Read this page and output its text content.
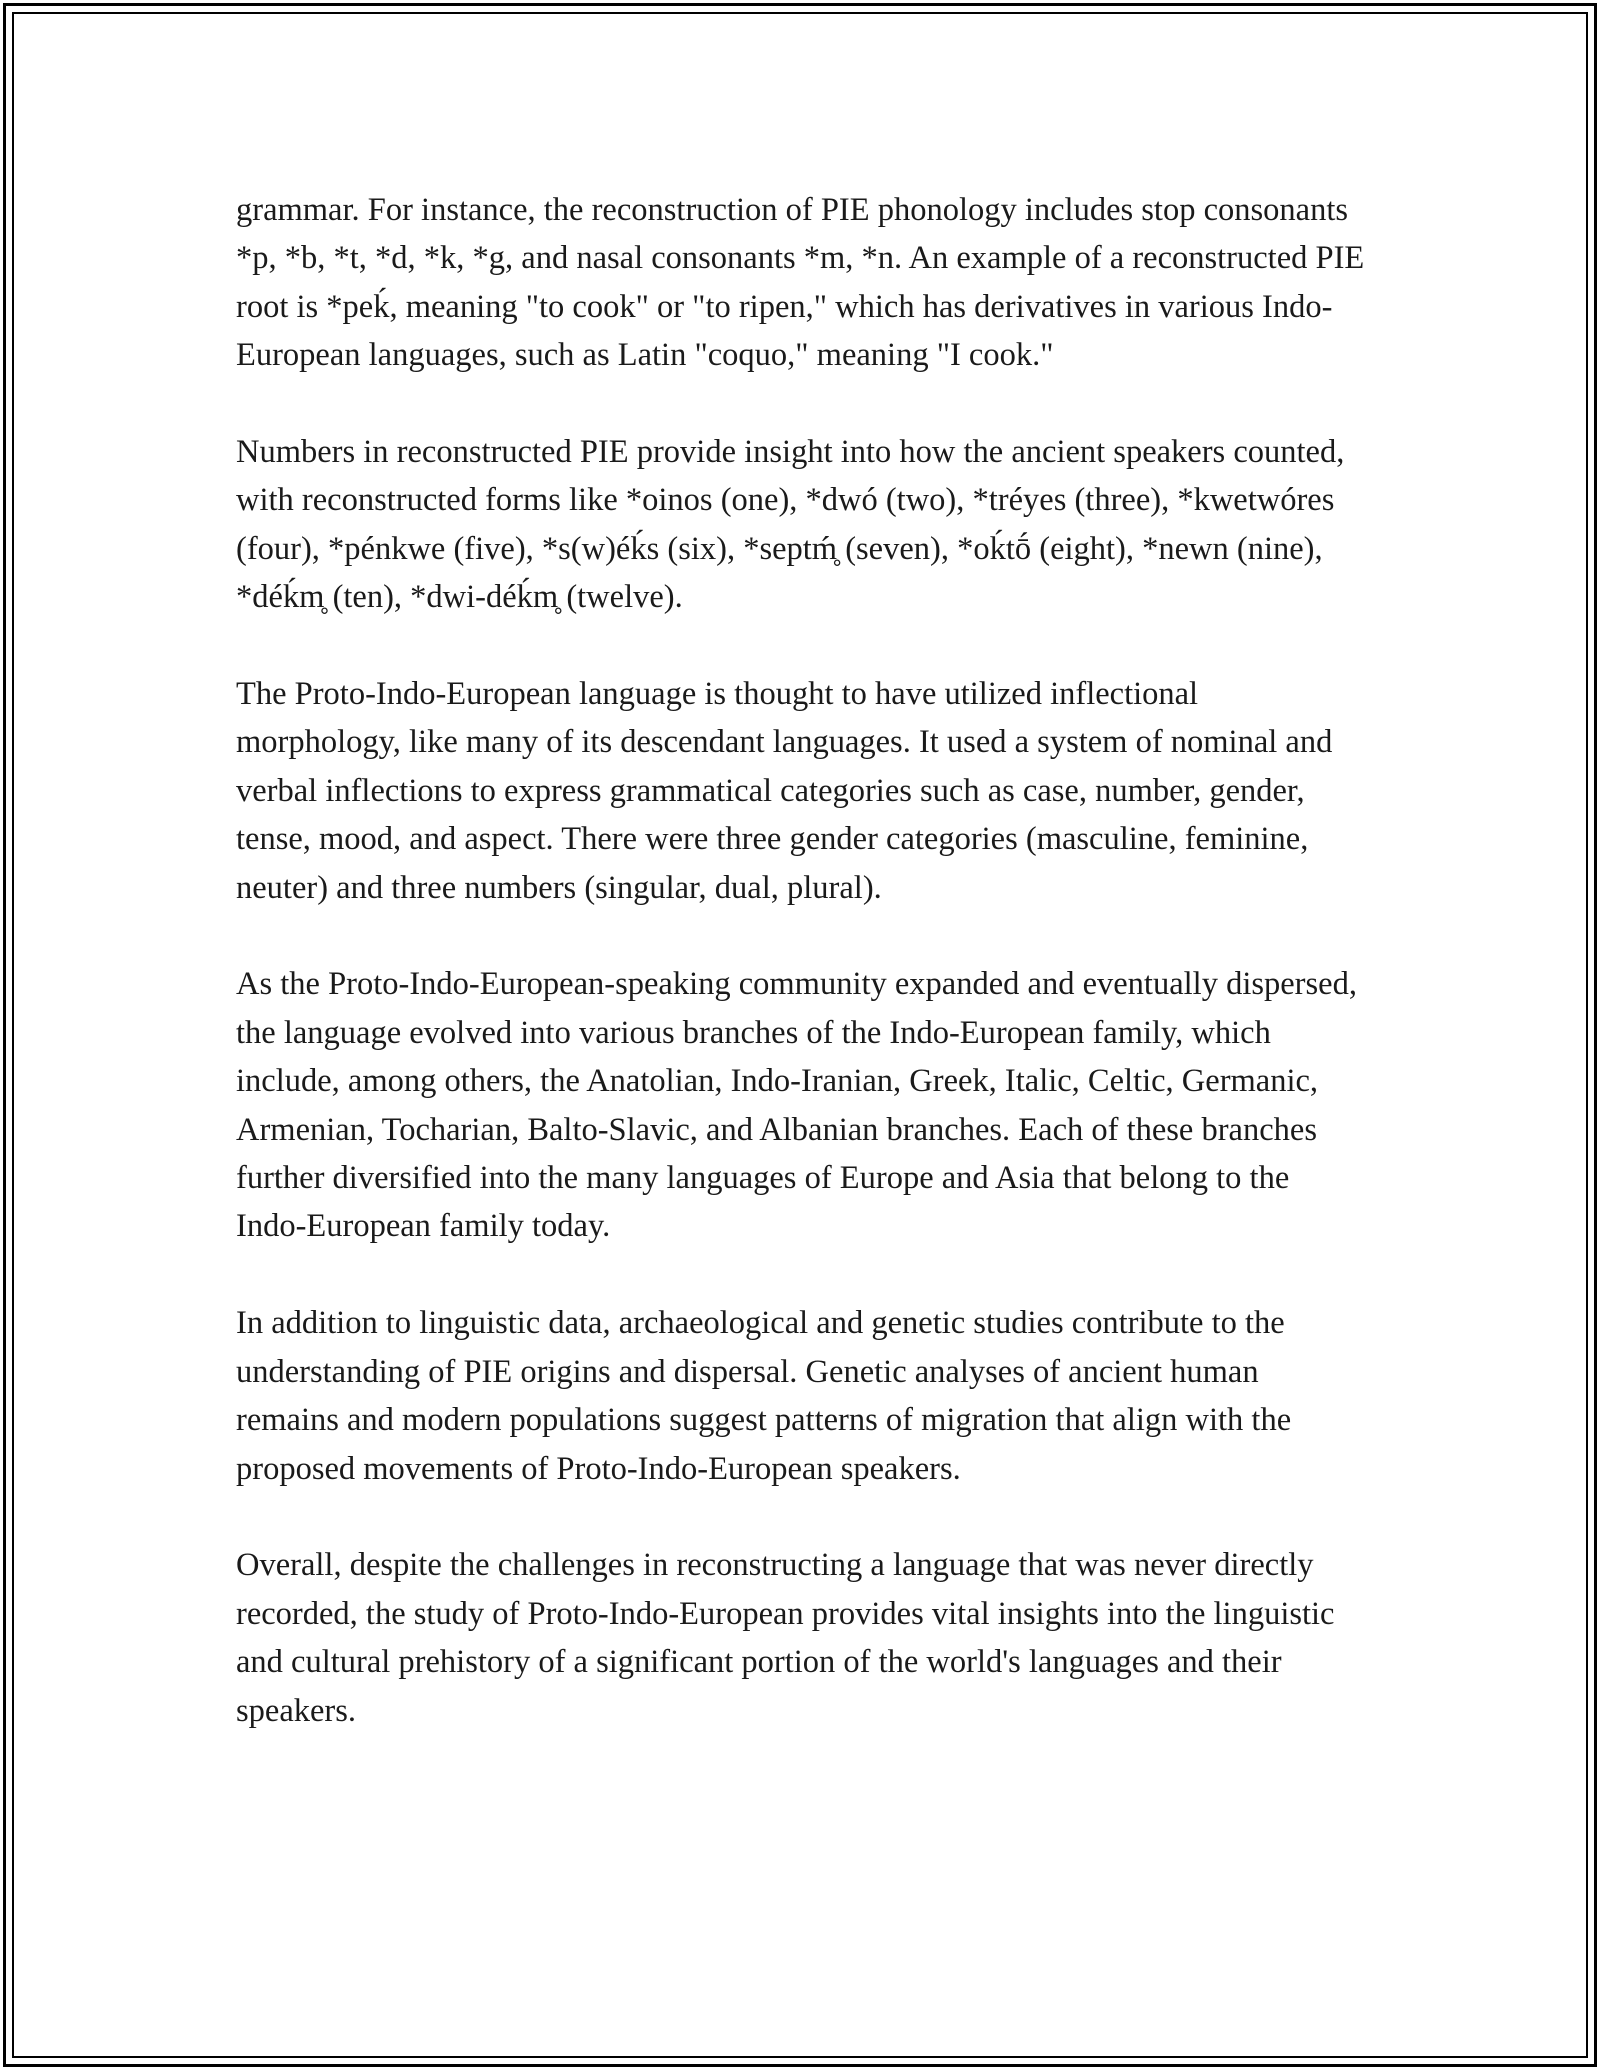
grammar. For instance, the reconstruction of PIE phonology includes stop consonants *p, *b, *t, *d, *k, *g, and nasal consonants *m, *n. An example of a reconstructed PIE root is *peḱ, meaning "to cook" or "to ripen," which has derivatives in various Indo-European languages, such as Latin "coquo," meaning "I cook."

Numbers in reconstructed PIE provide insight into how the ancient speakers counted, with reconstructed forms like *oinos (one), *dwó (two), *tréyes (three), *kwetwóres (four), *pénkwe (five), *s(w)éḱs (six), *septḿ̥ (seven), *oḱtṓ (eight), *newn (nine), *déḱm̥ (ten), *dwi-déḱm̥ (twelve).

The Proto-Indo-European language is thought to have utilized inflectional morphology, like many of its descendant languages. It used a system of nominal and verbal inflections to express grammatical categories such as case, number, gender, tense, mood, and aspect. There were three gender categories (masculine, feminine, neuter) and three numbers (singular, dual, plural).

As the Proto-Indo-European-speaking community expanded and eventually dispersed, the language evolved into various branches of the Indo-European family, which include, among others, the Anatolian, Indo-Iranian, Greek, Italic, Celtic, Germanic, Armenian, Tocharian, Balto-Slavic, and Albanian branches. Each of these branches further diversified into the many languages of Europe and Asia that belong to the Indo-European family today.

In addition to linguistic data, archaeological and genetic studies contribute to the understanding of PIE origins and dispersal. Genetic analyses of ancient human remains and modern populations suggest patterns of migration that align with the proposed movements of Proto-Indo-European speakers.

Overall, despite the challenges in reconstructing a language that was never directly recorded, the study of Proto-Indo-European provides vital insights into the linguistic and cultural prehistory of a significant portion of the world's languages and their speakers.
